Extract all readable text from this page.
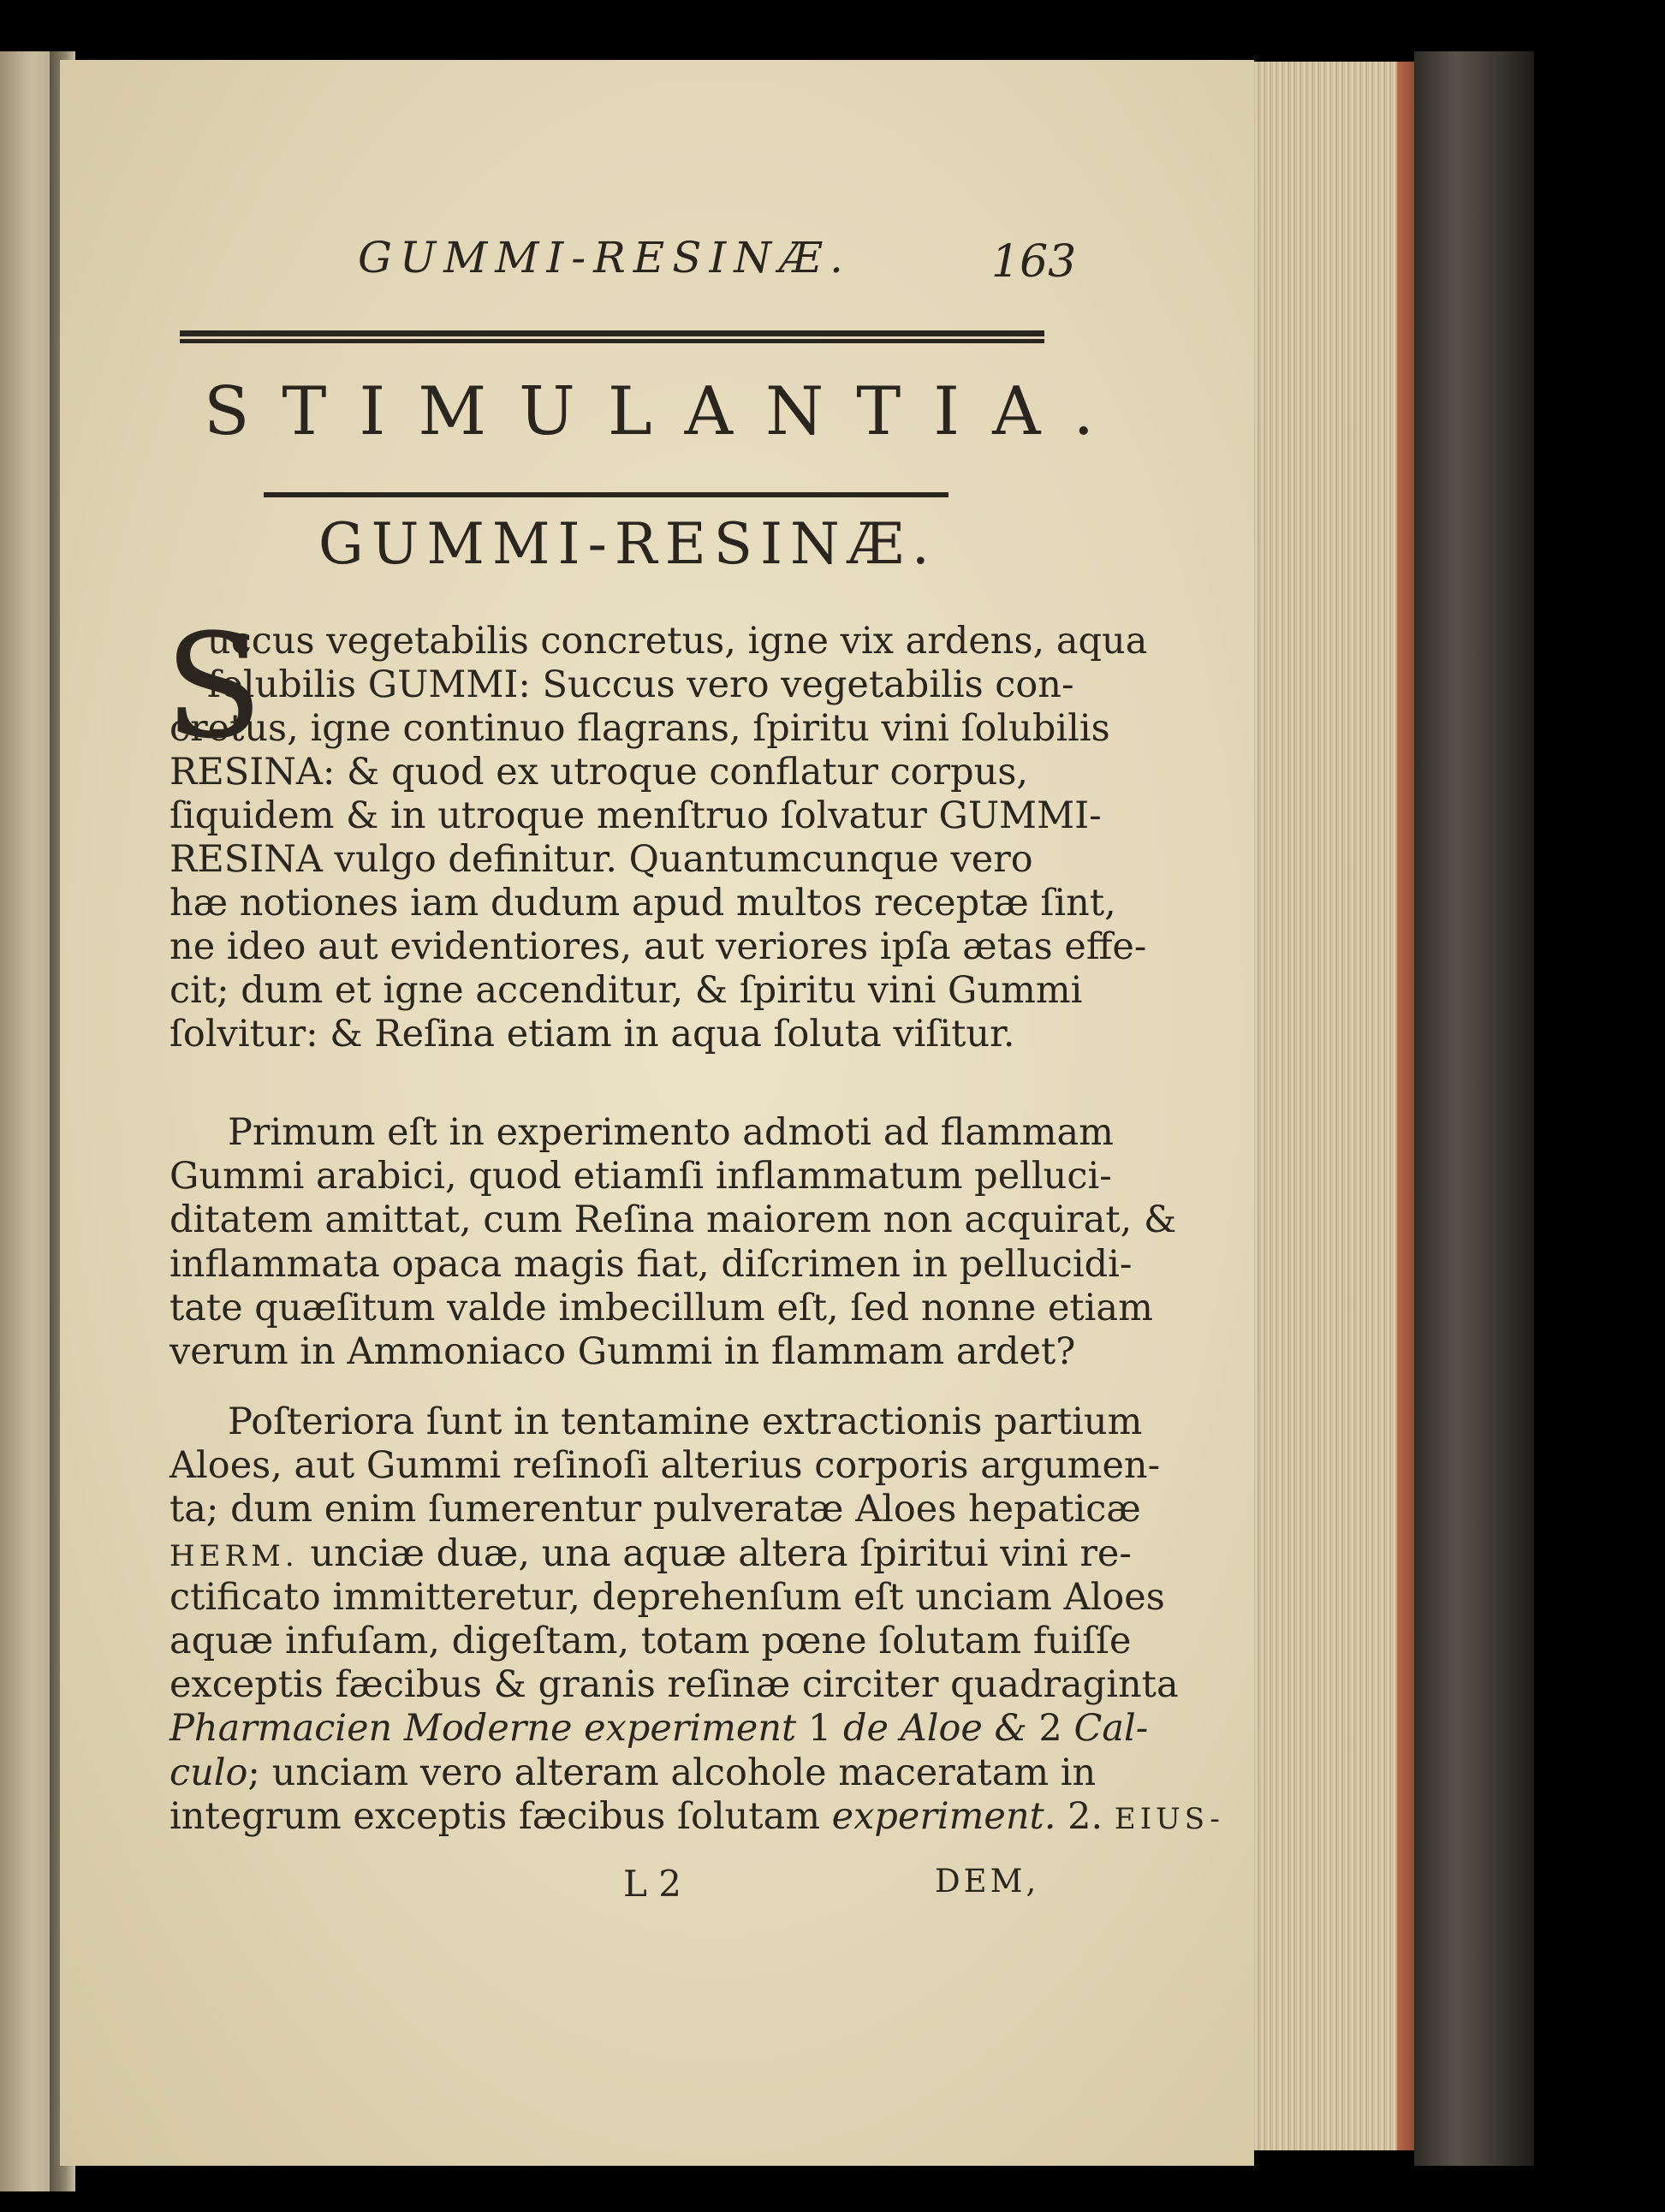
GUMMI-RESINÆ.	163
STIMULANTIA.
GUMMI-RESINÆ.
S
uccus vegetabilis concretus, igne vix ardens, aqua
ſolubilis GUMMI: Succus vero vegetabilis con-
cretus, igne continuo flagrans, ſpiritu vini ſolubilis
RESINA: & quod ex utroque conflatur corpus,
ſiquidem & in utroque menſtruo ſolvatur GUMMI-
RESINA vulgo definitur. Quantumcunque vero
hæ notiones iam dudum apud multos receptæ ſint,
ne ideo aut evidentiores, aut veriores ipſa ætas effe-
cit; dum et igne accenditur, & ſpiritu vini Gummi
ſolvitur: & Reſina etiam in aqua ſoluta viſitur.
Primum eſt in experimento admoti ad flammam
Gummi arabici, quod etiamſi inflammatum pelluci-
ditatem amittat, cum Reſina maiorem non acquirat, &
inflammata opaca magis fiat, diſcrimen in pellucidi-
tate quæſitum valde imbecillum eſt, ſed nonne etiam
verum in Ammoniaco Gummi in flammam ardet?
Poſteriora ſunt in tentamine extractionis partium
Aloes, aut Gummi reſinoſi alterius corporis argumen-
ta; dum enim ſumerentur pulveratæ Aloes hepaticæ
HERM. unciæ duæ, una aquæ altera ſpiritui vini re-
ctificato immitteretur, deprehenſum eſt unciam Aloes
aquæ infuſam, digeſtam, totam pœne ſolutam fuiſſe
exceptis fæcibus & granis reſinæ circiter quadraginta
Pharmacien Moderne experiment 1 de Aloe & 2 Cal-
culo; unciam vero alteram alcohole maceratam in
integrum exceptis fæcibus ſolutam experiment. 2. EIUS-
L 2	DEM,
